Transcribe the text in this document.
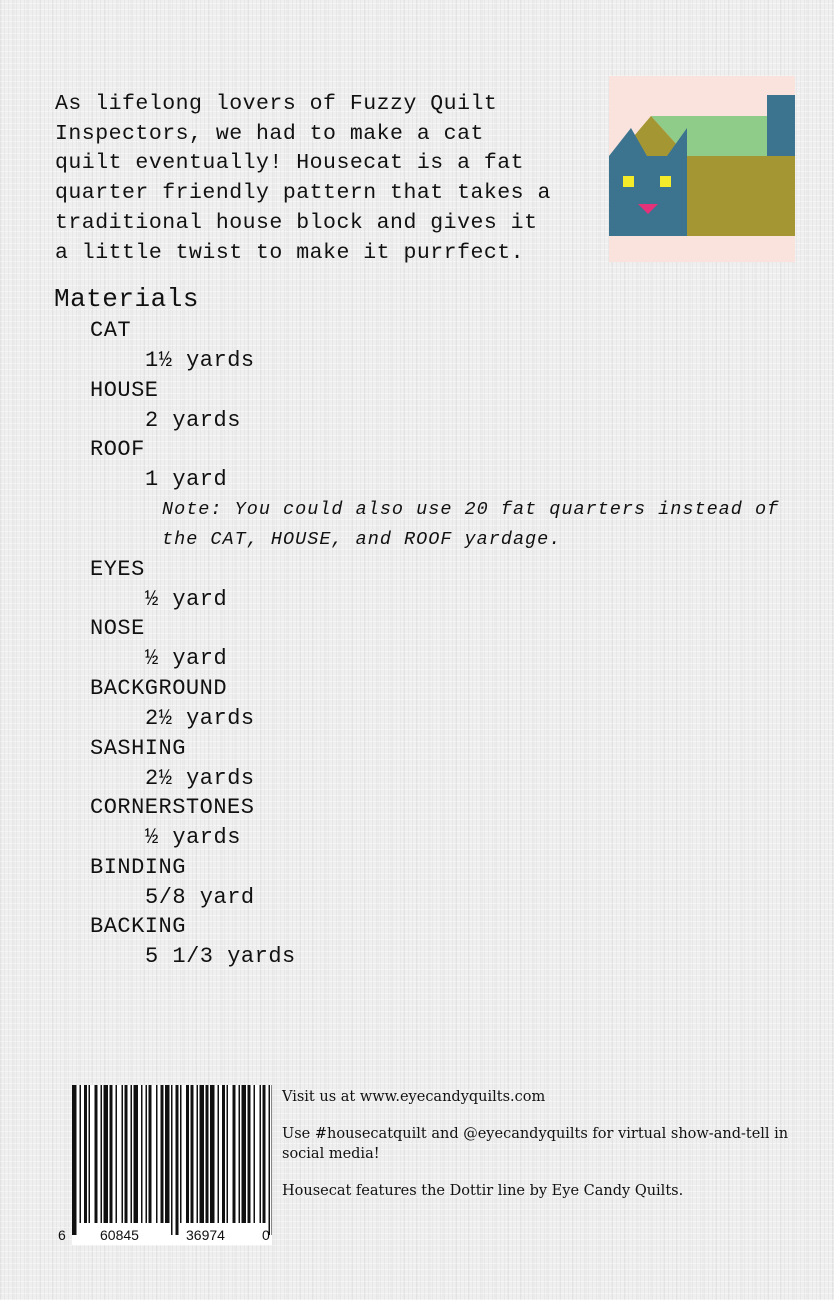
As lifelong lovers of Fuzzy Quilt
Inspectors, we had to make a cat
quilt eventually! Housecat is a fat
quarter friendly pattern that takes a
traditional house block and gives it
a little twist to make it purrfect.
Materials
CAT
1½ yards
HOUSE
2 yards
ROOF
1 yard
Note: You could also use 20 fat quarters instead of the CAT, HOUSE, and ROOF yardage.
EYES
½ yard
NOSE
½ yard
BACKGROUND
2½ yards
SASHING
2½ yards
CORNERSTONES
½ yards
BINDING
5/8 yard
BACKING
5 1/3 yards
6 60845	36974	0

Visit us at www.eyecandyquilts.com

Use #housecatquilt and @eyecandyquilts for virtual show-and-tell in social media!

Housecat features the Dottir line by Eye Candy Quilts.
